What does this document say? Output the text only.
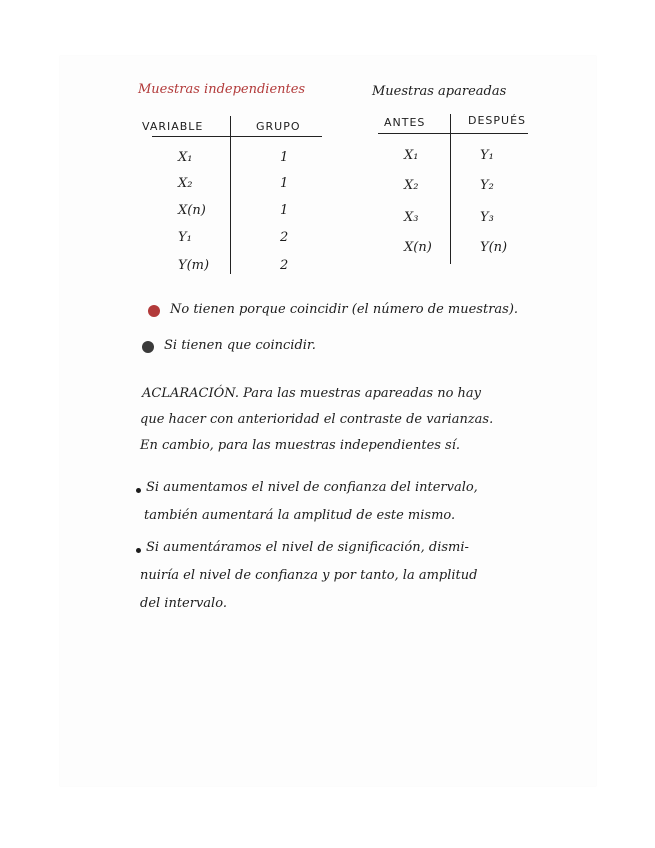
Muestras independientes	Muestras apareadas
VARIABLE	GRUPO
X₁	1
X₂	1
X(n)	1
Y₁	2
Y(m)	2
ANTES	DESPUÉS
X₁	Y₁
X₂	Y₂
X₃	Y₃
X(n)	Y(n)
No tienen porque coincidir (el número de muestras).
Si tienen que coincidir.
ACLARACIÓN. Para las muestras apareadas no hay
que hacer con anterioridad el contraste de varianzas.
En cambio, para las muestras independientes sí.
Si aumentamos el nivel de confianza del intervalo,
también aumentará la amplitud de este mismo.
Si aumentáramos el nivel de significación, dismi-
nuiría el nivel de confianza y por tanto, la amplitud
del intervalo.
